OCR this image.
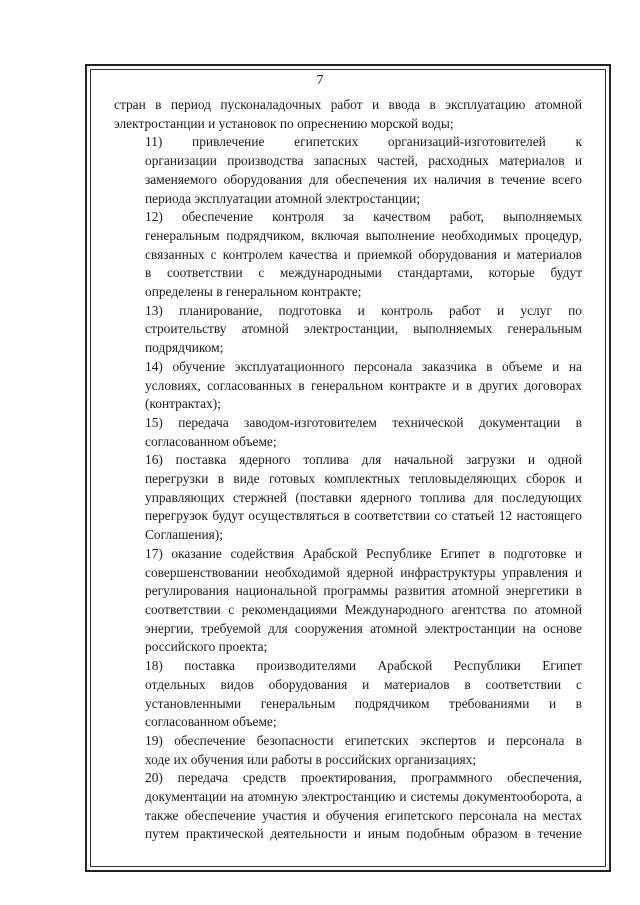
7

стран в период пусконаладочных работ и ввода в эксплуатацию атомной
электростанции и установок по опреснению морской воды;

11) привлечение египетских организаций-изготовителей к
организации производства запасных частей, расходных материалов и
заменяемого оборудования для обеспечения их наличия в течение всего
периода эксплуатации атомной электростанции;

12) обеспечение контроля за качеством работ, выполняемых
генеральным подрядчиком, включая выполнение необходимых процедур,
связанных с контролем качества и приемкой оборудования и материалов
в соответствии с международными стандартами, которые будут
определены в генеральном контракте;

13) планирование, подготовка и контроль работ и услуг по
строительству атомной электростанции, выполняемых генеральным
подрядчиком;

14) обучение эксплуатационного персонала заказчика в объеме и на
условиях, согласованных в генеральном контракте и в других договорах
(контрактах);

15) передача заводом-изготовителем технической документации в
согласованном объеме;

16) поставка ядерного топлива для начальной загрузки и одной
перегрузки в виде готовых комплектных тепловыделяющих сборок и
управляющих стержней (поставки ядерного топлива для последующих
перегрузок будут осуществляться в соответствии со статьей 12 настоящего
Соглашения);

17) оказание содействия Арабской Республике Египет в подготовке и
совершенствовании необходимой ядерной инфраструктуры управления и
регулирования национальной программы развития атомной энергетики в
соответствии с рекомендациями Международного агентства по атомной
энергии, требуемой для сооружения атомной электростанции на основе
российского проекта;

18) поставка производителями Арабской Республики Египет
отдельных видов оборудования и материалов в соответствии с
установленными генеральным подрядчиком требованиями и в
согласованном объеме;

19) обеспечение безопасности египетских экспертов и персонала в
ходе их обучения или работы в российских организациях;

20) передача средств проектирования, программного обеспечения,
документации на атомную электростанцию и системы документооборота, а
также обеспечение участия и обучения египетского персонала на местах
путем практической деятельности и иным подобным образом в течение
